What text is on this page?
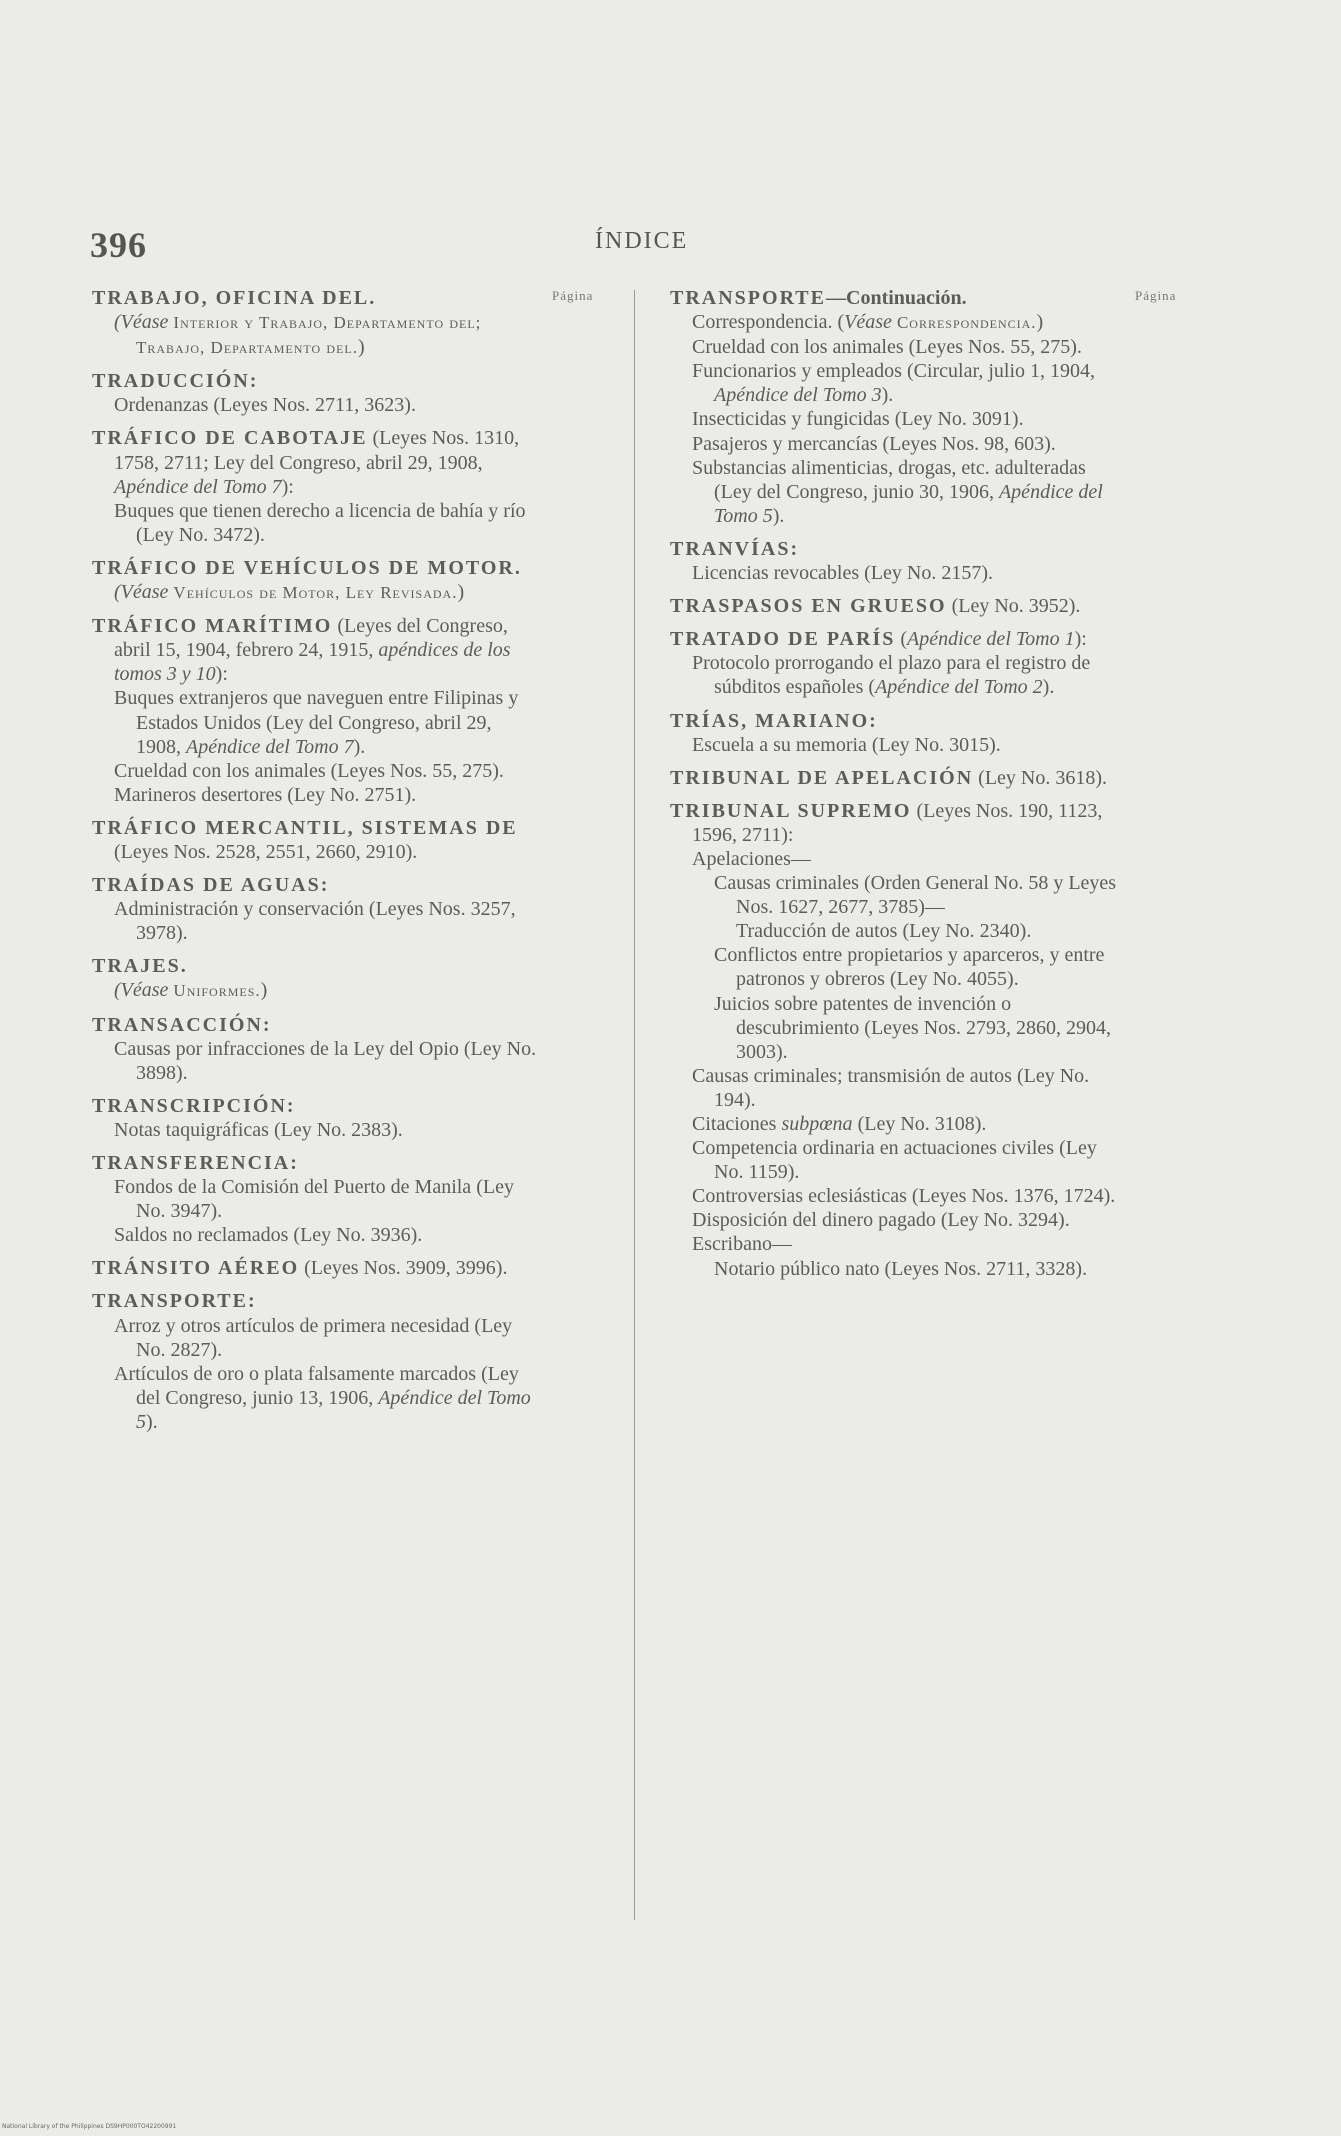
396	ÍNDICE
Página	Página
TRABAJO, OFICINA DEL.
(Véase Interior y Trabajo, Departamento del; Trabajo, Departamento del.)
TRADUCCIÓN:
Ordenanzas (Leyes Nos. 2711, 3623).
TRÁFICO DE CABOTAJE (Leyes Nos. 1310, 1758, 2711; Ley del Congreso, abril 29, 1908, Apéndice del Tomo 7):
Buques que tienen derecho a licencia de bahía y río (Ley No. 3472).
TRÁFICO DE VEHÍCULOS DE MOTOR.
(Véase Vehículos de Motor, Ley Revisada.)
TRÁFICO MARÍTIMO (Leyes del Congreso, abril 15, 1904, febrero 24, 1915, apéndices de los tomos 3 y 10):
Buques extranjeros que naveguen entre Filipinas y Estados Unidos (Ley del Congreso, abril 29, 1908, Apéndice del Tomo 7).
Crueldad con los animales (Leyes Nos. 55, 275).
Marineros desertores (Ley No. 2751).
TRÁFICO MERCANTIL, SISTEMAS DE (Leyes Nos. 2528, 2551, 2660, 2910).
TRAÍDAS DE AGUAS:
Administración y conservación (Leyes Nos. 3257, 3978).
TRAJES.
(Véase Uniformes.)
TRANSACCIÓN:
Causas por infracciones de la Ley del Opio (Ley No. 3898).
TRANSCRIPCIÓN:
Notas taquigráficas (Ley No. 2383).
TRANSFERENCIA:
Fondos de la Comisión del Puerto de Manila (Ley No. 3947).
Saldos no reclamados (Ley No. 3936).
TRÁNSITO AÉREO (Leyes Nos. 3909, 3996).
TRANSPORTE:
Arroz y otros artículos de primera necesidad (Ley No. 2827).
Artículos de oro o plata falsamente marcados (Ley del Congreso, junio 13, 1906, Apéndice del Tomo 5).
TRANSPORTE—Continuación.
Correspondencia. (Véase Correspondencia.)
Crueldad con los animales (Leyes Nos. 55, 275).
Funcionarios y empleados (Circular, julio 1, 1904, Apéndice del Tomo 3).
Insecticidas y fungicidas (Ley No. 3091).
Pasajeros y mercancías (Leyes Nos. 98, 603).
Substancias alimenticias, drogas, etc. adulteradas (Ley del Congreso, junio 30, 1906, Apéndice del Tomo 5).
TRANVÍAS:
Licencias revocables (Ley No. 2157).
TRASPASOS EN GRUESO (Ley No. 3952).
TRATADO DE PARÍS (Apéndice del Tomo 1):
Protocolo prorrogando el plazo para el registro de súbditos españoles (Apéndice del Tomo 2).
TRÍAS, MARIANO:
Escuela a su memoria (Ley No. 3015).
TRIBUNAL DE APELACIÓN (Ley No. 3618).
TRIBUNAL SUPREMO (Leyes Nos. 190, 1123, 1596, 2711):
Apelaciones—
Causas criminales (Orden General No. 58 y Leyes Nos. 1627, 2677, 3785)—
Traducción de autos (Ley No. 2340).
Conflictos entre propietarios y aparceros, y entre patronos y obreros (Ley No. 4055).
Juicios sobre patentes de invención o descubrimiento (Leyes Nos. 2793, 2860, 2904, 3003).
Causas criminales; transmisión de autos (Ley No. 194).
Citaciones subpœna (Ley No. 3108).
Competencia ordinaria en actuaciones civiles (Ley No. 1159).
Controversias eclesiásticas (Leyes Nos. 1376, 1724).
Disposición del dinero pagado (Ley No. 3294).
Escribano—
Notario público nato (Leyes Nos. 2711, 3328).
National Library of the Philippines DS9HP000TO42200991
